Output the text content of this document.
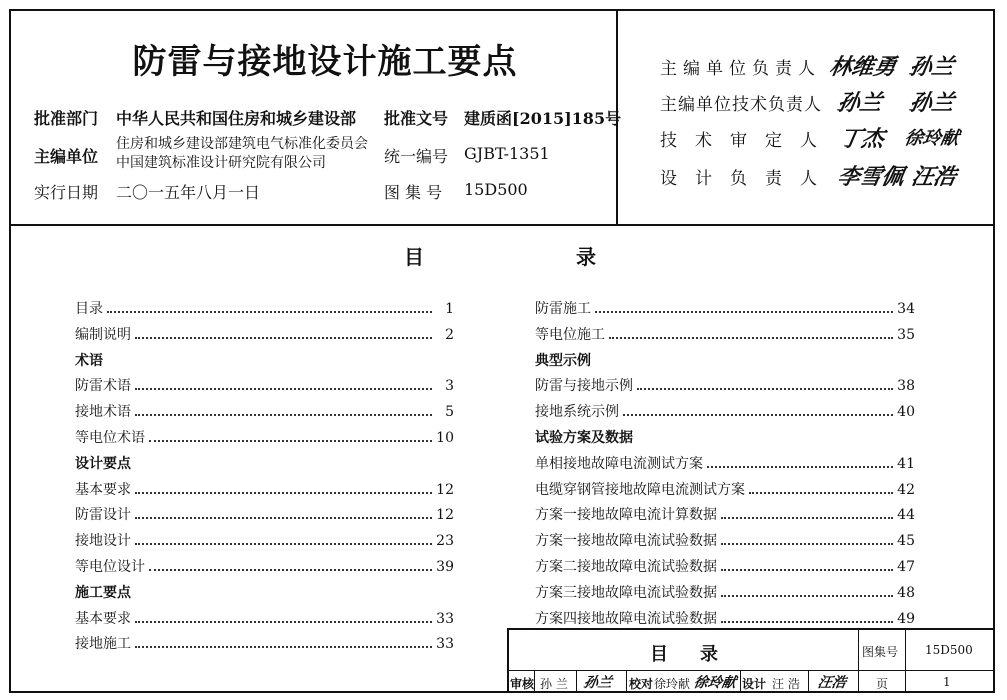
防雷与接地设计施工要点
批准部门 中华人民共和国住房和城乡建设部 批准文号 建质函[2015]185号
主编单位
住房和城乡建设部建筑电气标准化委员会
中国建筑标准设计研究院有限公司	统一编号 GJBT-1351
实行日期 二〇一五年八月一日	图 集 号 15D500
主编单位负责人 林维勇 孙兰
主编单位技术负责人 孙兰 孙兰
技术审定人 丁杰 徐玲献
设计负责人 李雪佩 汪浩
目	录
目录	1
编制说明	2
术语
防雷术语	3
接地术语	5
等电位术语	10
设计要点
基本要求	12
防雷设计	12
接地设计	23
等电位设计	39
施工要点
基本要求	33
接地施工	33
防雷施工	34
等电位施工	35
典型示例
防雷与接地示例	38
接地系统示例	40
试验方案及数据
单相接地故障电流测试方案	41
电缆穿钢管接地故障电流测试方案	42
方案一接地故障电流计算数据	44
方案一接地故障电流试验数据	45
方案二接地故障电流试验数据	47
方案三接地故障电流试验数据	48
方案四接地故障电流试验数据	49
目 录	图集号 15D500
审核 孙 兰 孙兰 校对 徐玲献 徐玲献 设计 汪 浩 汪浩 页	1
